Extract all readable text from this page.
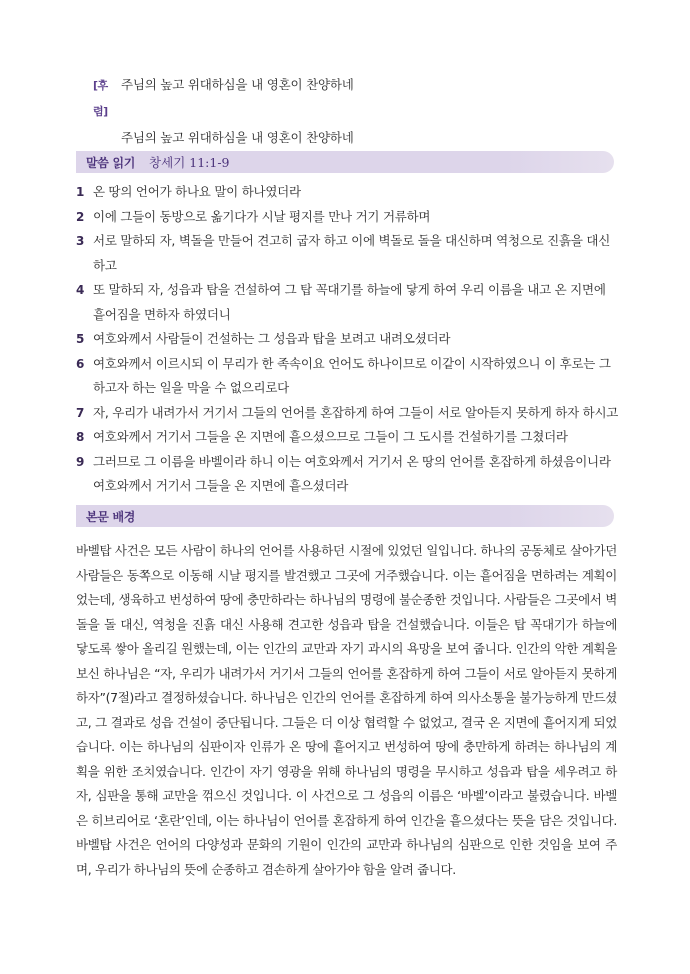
[후렴]
주님의 높고 위대하심을 내 영혼이 찬양하네
주님의 높고 위대하심을 내 영혼이 찬양하네
말씀 읽기 창세기 11:1-9
1 온 땅의 언어가 하나요 말이 하나였더라
2 이에 그들이 동방으로 옮기다가 시날 평지를 만나 거기 거류하며
3 서로 말하되 자, 벽돌을 만들어 견고히 굽자 하고 이에 벽돌로 돌을 대신하며 역청으로 진흙을 대신하고
4 또 말하되 자, 성읍과 탑을 건설하여 그 탑 꼭대기를 하늘에 닿게 하여 우리 이름을 내고 온 지면에 흩어짐을 면하자 하였더니
5 여호와께서 사람들이 건설하는 그 성읍과 탑을 보려고 내려오셨더라
6 여호와께서 이르시되 이 무리가 한 족속이요 언어도 하나이므로 이같이 시작하였으니 이 후로는 그 하고자 하는 일을 막을 수 없으리로다
7 자, 우리가 내려가서 거기서 그들의 언어를 혼잡하게 하여 그들이 서로 알아듣지 못하게 하자 하시고
8 여호와께서 거기서 그들을 온 지면에 흩으셨으므로 그들이 그 도시를 건설하기를 그쳤더라
9 그러므로 그 이름을 바벨이라 하니 이는 여호와께서 거기서 온 땅의 언어를 혼잡하게 하셨음이니라 여호와께서 거기서 그들을 온 지면에 흩으셨더라
본문 배경

바벨탑 사건은 모든 사람이 하나의 언어를 사용하던 시절에 있었던 일입니다. 하나의 공동체로 살아가던 사람들은 동쪽으로 이동해 시날 평지를 발견했고 그곳에 거주했습니다. 이는 흩어짐을 면하려는 계획이었는데, 생육하고 번성하여 땅에 충만하라는 하나님의 명령에 불순종한 것입니다. 사람들은 그곳에서 벽돌을 돌 대신, 역청을 진흙 대신 사용해 견고한 성읍과 탑을 건설했습니다. 이들은 탑 꼭대기가 하늘에 닿도록 쌓아 올리길 원했는데, 이는 인간의 교만과 자기 과시의 욕망을 보여 줍니다. 인간의 악한 계획을 보신 하나님은 “자, 우리가 내려가서 거기서 그들의 언어를 혼잡하게 하여 그들이 서로 알아듣지 못하게 하자”(7절)라고 결정하셨습니다. 하나님은 인간의 언어를 혼잡하게 하여 의사소통을 불가능하게 만드셨고, 그 결과로 성읍 건설이 중단됩니다. 그들은 더 이상 협력할 수 없었고, 결국 온 지면에 흩어지게 되었습니다. 이는 하나님의 심판이자 인류가 온 땅에 흩어지고 번성하여 땅에 충만하게 하려는 하나님의 계획을 위한 조치였습니다. 인간이 자기 영광을 위해 하나님의 명령을 무시하고 성읍과 탑을 세우려고 하자, 심판을 통해 교만을 꺾으신 것입니다. 이 사건으로 그 성읍의 이름은 ‘바벨’이라고 불렸습니다. 바벨은 히브리어로 ‘혼란’인데, 이는 하나님이 언어를 혼잡하게 하여 인간을 흩으셨다는 뜻을 담은 것입니다. 바벨탑 사건은 언어의 다양성과 문화의 기원이 인간의 교만과 하나님의 심판으로 인한 것임을 보여 주며, 우리가 하나님의 뜻에 순종하고 겸손하게 살아가야 함을 알려 줍니다.
